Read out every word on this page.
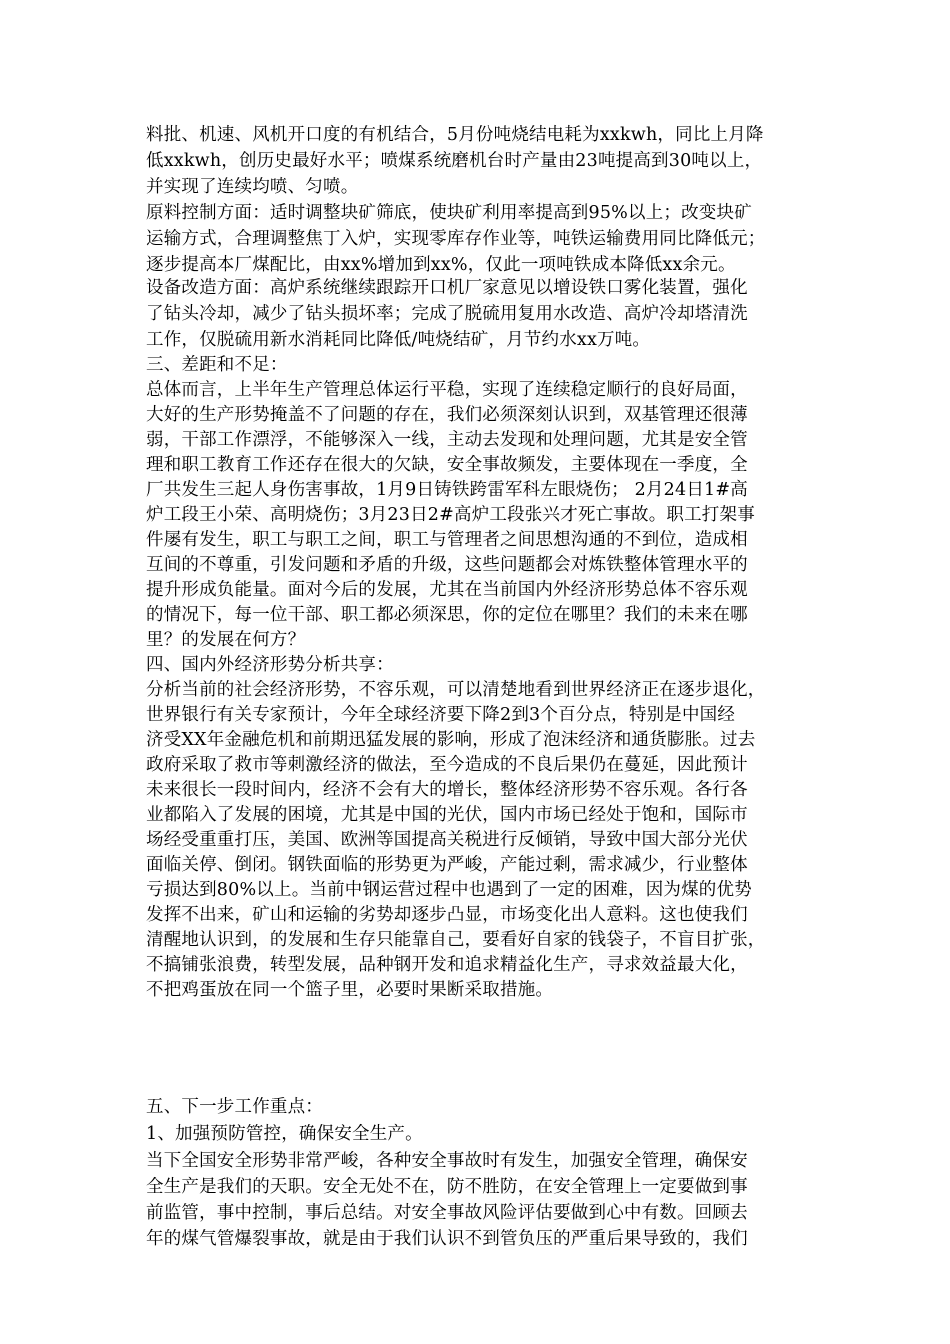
料批、机速、风机开口度的有机结合，5月份吨烧结电耗为xxkwh，同比上月降
低xxkwh，创历史最好水平；喷煤系统磨机台时产量由23吨提高到30吨以上，
并实现了连续均喷、匀喷。
原料控制方面：适时调整块矿筛底，使块矿利用率提高到95%以上；改变块矿
运输方式，合理调整焦丁入炉，实现零库存作业等，吨铁运输费用同比降低元；
逐步提高本厂煤配比，由xx%增加到xx%，仅此一项吨铁成本降低xx余元。
设备改造方面：高炉系统继续跟踪开口机厂家意见以增设铁口雾化装置，强化
了钻头冷却，减少了钻头损坏率；完成了脱硫用复用水改造、高炉冷却塔清洗
工作，仅脱硫用新水消耗同比降低/吨烧结矿，月节约水xx万吨。
三、差距和不足：
总体而言，上半年生产管理总体运行平稳，实现了连续稳定顺行的良好局面，
大好的生产形势掩盖不了问题的存在，我们必须深刻认识到，双基管理还很薄
弱，干部工作漂浮，不能够深入一线，主动去发现和处理问题，尤其是安全管
理和职工教育工作还存在很大的欠缺，安全事故频发，主要体现在一季度，全
厂共发生三起人身伤害事故，1月9日铸铁跨雷军科左眼烧伤； 2月24日1#高
炉工段王小荣、高明烧伤；3月23日2#高炉工段张兴才死亡事故。职工打架事
件屡有发生，职工与职工之间，职工与管理者之间思想沟通的不到位，造成相
互间的不尊重，引发问题和矛盾的升级，这些问题都会对炼铁整体管理水平的
提升形成负能量。面对今后的发展，尤其在当前国内外经济形势总体不容乐观
的情况下，每一位干部、职工都必须深思，你的定位在哪里？我们的未来在哪
里？的发展在何方？
四、国内外经济形势分析共享：
分析当前的社会经济形势，不容乐观，可以清楚地看到世界经济正在逐步退化，
世界银行有关专家预计，今年全球经济要下降2到3个百分点，特别是中国经
济受XX年金融危机和前期迅猛发展的影响，形成了泡沫经济和通货膨胀。过去
政府采取了救市等刺激经济的做法，至今造成的不良后果仍在蔓延，因此预计
未来很长一段时间内，经济不会有大的增长，整体经济形势不容乐观。各行各
业都陷入了发展的困境，尤其是中国的光伏，国内市场已经处于饱和，国际市
场经受重重打压，美国、欧洲等国提高关税进行反倾销，导致中国大部分光伏
面临关停、倒闭。钢铁面临的形势更为严峻，产能过剩，需求减少，行业整体
亏损达到80%以上。当前中钢运营过程中也遇到了一定的困难，因为煤的优势
发挥不出来，矿山和运输的劣势却逐步凸显，市场变化出人意料。这也使我们
清醒地认识到，的发展和生存只能靠自己，要看好自家的钱袋子，不盲目扩张，
不搞铺张浪费，转型发展，品种钢开发和追求精益化生产，寻求效益最大化，
不把鸡蛋放在同一个篮子里，必要时果断采取措施。
五、下一步工作重点：
1、加强预防管控，确保安全生产。
当下全国安全形势非常严峻，各种安全事故时有发生，加强安全管理，确保安
全生产是我们的天职。安全无处不在，防不胜防，在安全管理上一定要做到事
前监管，事中控制，事后总结。对安全事故风险评估要做到心中有数。回顾去
年的煤气管爆裂事故，就是由于我们认识不到管负压的严重后果导致的，我们
